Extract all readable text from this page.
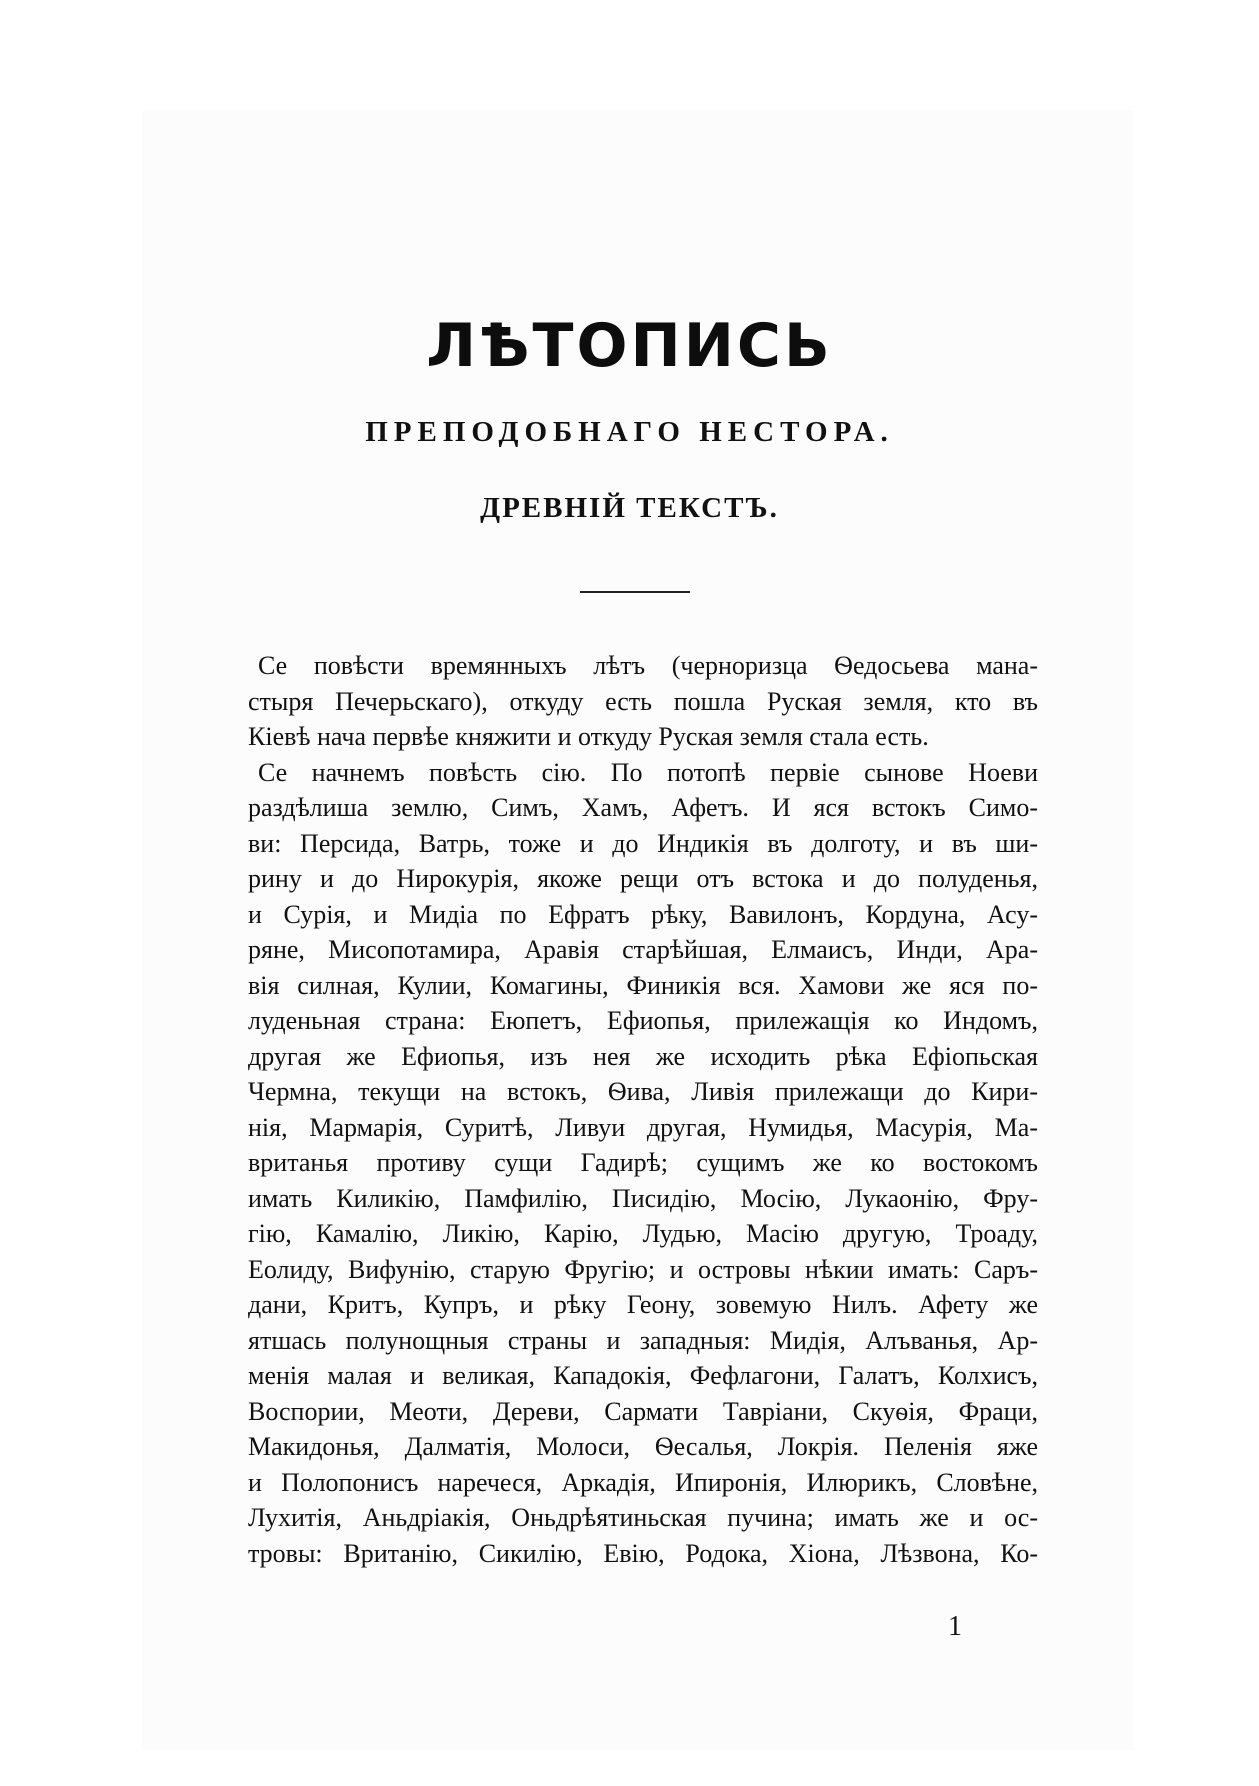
ЛѢТОПИСЬ
ПРЕПОДОБНАГО НЕСТОРА.
ДРЕВНІЙ ТЕКСТЪ.
Се повѣсти времянныхъ лѣтъ (черноризца Ѳедосьева мана-
стыря Печерьскаго), откуду есть пошла Руская земля, кто въ
Кіевѣ нача первѣе княжити и откуду Руская земля стала есть.
Се начнемъ повѣсть сію. По потопѣ первіе сынове Ноеви
раздѣлиша землю, Симъ, Хамъ, Афетъ. И яся встокъ Симо-
ви: Персида, Ватрь, тоже и до Индикія въ долготу, и въ ши-
рину и до Нирокурія, якоже рещи отъ встока и до полуденья,
и Сурія, и Мидіа по Ефратъ рѣку, Вавилонъ, Кордуна, Асу-
ряне, Мисопотамира, Аравія старѣйшая, Елмаисъ, Инди, Ара-
вія силная, Кулии, Комагины, Финикія вся. Хамови же яся по-
луденьная страна: Еюпетъ, Ефиопья, прилежащія ко Индомъ,
другая же Ефиопья, изъ нея же исходить рѣка Ефіопьская
Чермна, текущи на встокъ, Ѳива, Ливія прилежащи до Кири-
нія, Мармарія, Суритѣ, Ливуи другая, Нумидья, Масурія, Ма-
вританья противу сущи Гадирѣ; сущимъ же ко востокомъ
имать Киликію, Памфилію, Писидію, Мосію, Лукаонію, Фру-
гію, Камалію, Ликію, Карію, Лудью, Масію другую, Троаду,
Еолиду, Вифунію, старую Фругію; и островы нѣкии имать: Саръ-
дани, Критъ, Купръ, и рѣку Геону, зовемую Нилъ. Афету же
ятшась полунощныя страны и западныя: Мидія, Алъванья, Ар-
менія малая и великая, Кападокія, Фефлагони, Галатъ, Колхисъ,
Воспории, Меоти, Дереви, Сармати Тавріани, Скуѳія, Фраци,
Макидонья, Далматія, Молоси, Ѳесалья, Локрія. Пеленія яже
и Полопонисъ наречеся, Аркадія, Ипиронія, Илюрикъ, Словѣне,
Лухитія, Аньдріакія, Оньдрѣятиньская пучина; имать же и ос-
тровы: Вританію, Сикилію, Евію, Родока, Хіона, Лѣзвона, Ко-
1
